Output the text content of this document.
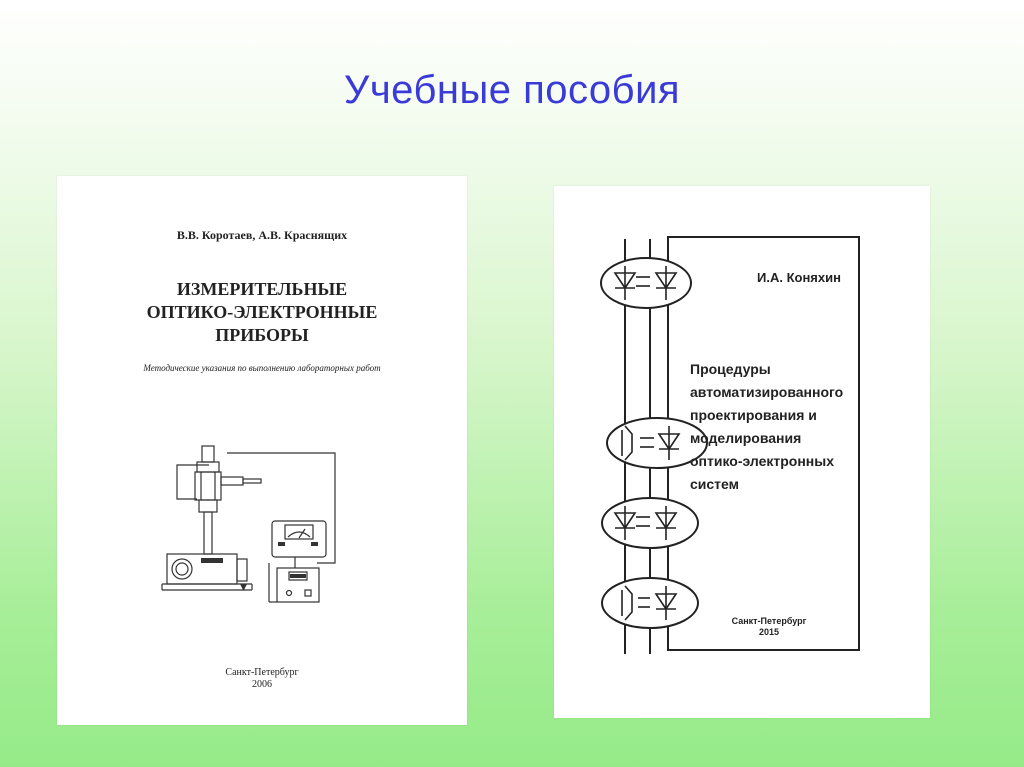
Учебные пособия
В.В. Коротаев, А.В. Краснящих
ИЗМЕРИТЕЛЬНЫЕ
ОПТИКО-ЭЛЕКТРОННЫЕ
ПРИБОРЫ
Методические указания по выполнению лабораторных работ
Санкт-Петербург
2006
И.А. Коняхин
Процедуры
автоматизированного
проектирования и
моделирования
оптико-электронных
систем
Санкт-Петербург
2015
